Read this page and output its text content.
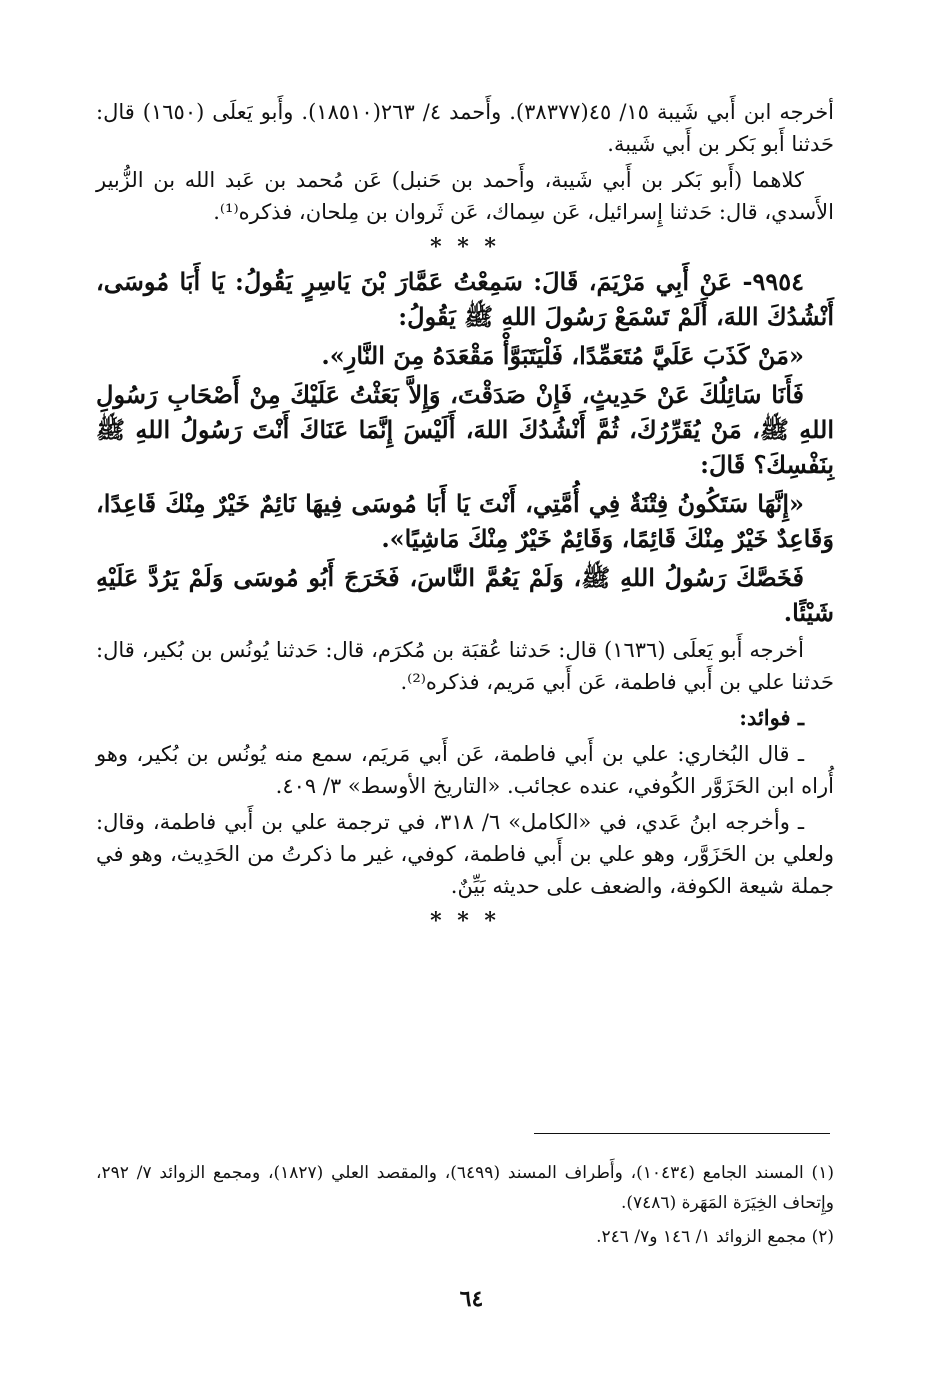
أخرجه ابن أَبي شَيبة ١٥/ ٤٥(٣٨٣٧٧). وأَحمد ٤/ ٢٦٣(١٨٥١٠). وأَبو يَعلَى (١٦٥٠) قال: حَدثنا أَبو بَكر بن أَبي شَيبة.

كلاهما (أَبو بَكر بن أَبي شَيبة، وأَحمد بن حَنبل) عَن مُحمد بن عَبد الله بن الزُّبير الأَسدي، قال: حَدثنا إِسرائيل، عَن سِماك، عَن ثَروان بن مِلحان، فذكره⁽¹⁾.

* * *

٩٩٥٤- عَنْ أَبِي مَرْيَمَ، قَالَ: سَمِعْتُ عَمَّارَ بْنَ يَاسِرٍ يَقُولُ: يَا أَبَا مُوسَى، أَنْشُدُكَ اللهَ، أَلَمْ تَسْمَعْ رَسُولَ اللهِ ﷺ يَقُولُ:

«مَنْ كَذَبَ عَلَيَّ مُتَعَمِّدًا، فَلْيَتَبَوَّأْ مَقْعَدَهُ مِنَ النَّارِ».

فَأَنَا سَائِلُكَ عَنْ حَدِيثٍ، فَإِنْ صَدَقْتَ، وَإِلاَّ بَعَثْتُ عَلَيْكَ مِنْ أَصْحَابِ رَسُولِ اللهِ ﷺ، مَنْ يُقَرِّرُكَ، ثُمَّ أَنْشُدُكَ اللهَ، أَلَيْسَ إِنَّمَا عَنَاكَ أَنْتَ رَسُولُ اللهِ ﷺ بِنَفْسِكَ؟ قَالَ:

«إِنَّهَا سَتَكُونُ فِتْنَةٌ فِي أُمَّتِي، أَنْتَ يَا أَبَا مُوسَى فِيهَا نَائِمٌ خَيْرٌ مِنْكَ قَاعِدًا، وَقَاعِدٌ خَيْرٌ مِنْكَ قَائِمًا، وَقَائِمٌ خَيْرٌ مِنْكَ مَاشِيًا».

فَخَصَّكَ رَسُولُ اللهِ ﷺ، وَلَمْ يَعُمَّ النَّاسَ، فَخَرَجَ أَبُو مُوسَى وَلَمْ يَرُدَّ عَلَيْهِ شَيْئًا.

أخرجه أَبو يَعلَى (١٦٣٦) قال: حَدثنا عُقبَة بن مُكرَم، قال: حَدثنا يُونُس بن بُكير، قال: حَدثنا علي بن أَبي فاطمة، عَن أَبي مَريم، فذكره⁽²⁾.

ـ فوائد:

ـ قال البُخاري: علي بن أَبي فاطمة، عَن أَبي مَريَم، سمع منه يُونُس بن بُكير، وهو أُراه ابن الحَزَوَّر الكُوفي، عنده عجائب. «التاريخ الأوسط» ٣/ ٤٠٩.

ـ وأخرجه ابنُ عَدي، في «الكامل» ٦/ ٣١٨، في ترجمة علي بن أَبي فاطمة، وقال: ولعلي بن الحَزَوَّر، وهو علي بن أَبي فاطمة، كوفي، غير ما ذكرتُ من الحَدِيث، وهو في جملة شيعة الكوفة، والضعف على حديثه بَيِّنٌ.

* * *

(١) المسند الجامع (١٠٤٣٤)، وأَطراف المسند (٦٤٩٩)، والمقصد العلي (١٨٢٧)، ومجمع الزوائد ٧/ ٢٩٢، وإِتحاف الخِيَرَة المَهَرة (٧٤٨٦).

(٢) مجمع الزوائد ١/ ١٤٦ و٧/ ٢٤٦.

٦٤
